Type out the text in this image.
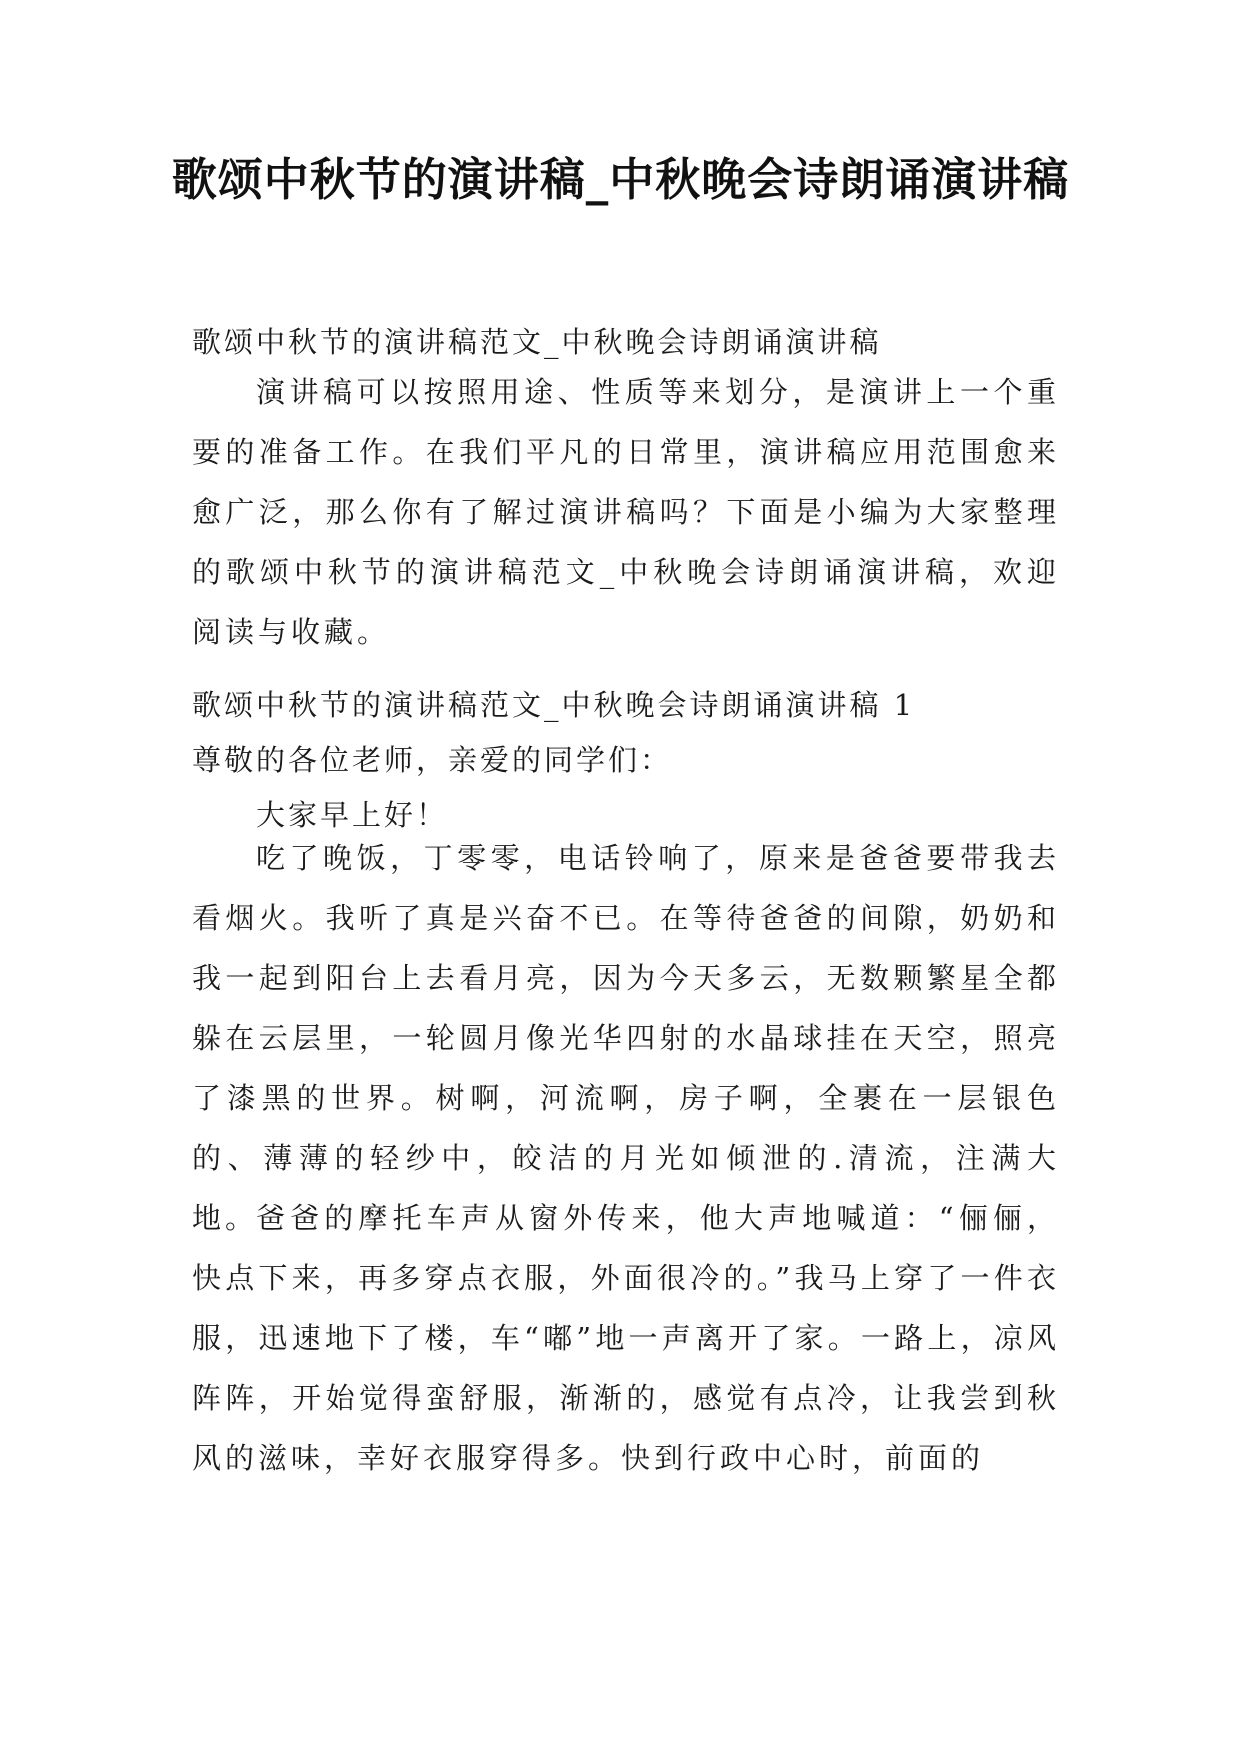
歌颂中秋节的演讲稿_中秋晚会诗朗诵演讲稿
歌颂中秋节的演讲稿范文_中秋晚会诗朗诵演讲稿
演讲稿可以按照用途、性质等来划分，是演讲上一个重要的准备工作。在我们平凡的日常里，演讲稿应用范围愈来愈广泛，那么你有了解过演讲稿吗？下面是小编为大家整理的歌颂中秋节的演讲稿范文_中秋晚会诗朗诵演讲稿，欢迎阅读与收藏。
歌颂中秋节的演讲稿范文_中秋晚会诗朗诵演讲稿 1
尊敬的各位老师，亲爱的同学们：
大家早上好！
吃了晚饭，丁零零，电话铃响了，原来是爸爸要带我去看烟火。我听了真是兴奋不已。在等待爸爸的间隙，奶奶和我一起到阳台上去看月亮，因为今天多云，无数颗繁星全都躲在云层里，一轮圆月像光华四射的水晶球挂在天空，照亮了漆黑的世界。树啊，河流啊，房子啊，全裹在一层银色的、薄薄的轻纱中，皎洁的月光如倾泄的.清流，注满大地。
爸爸的摩托车声从窗外传来，他大声地喊道：“俪俪，快点下来，再多穿点衣服，外面很冷的。”我马上穿了一件衣服，迅速地下了楼，车“嘟”地一声离开了家。一路上，凉风阵阵，开始觉得蛮舒服，渐渐的，感觉有点冷，让我尝到秋风的滋味，幸好衣服穿得多。快到行政中心时，前面的
